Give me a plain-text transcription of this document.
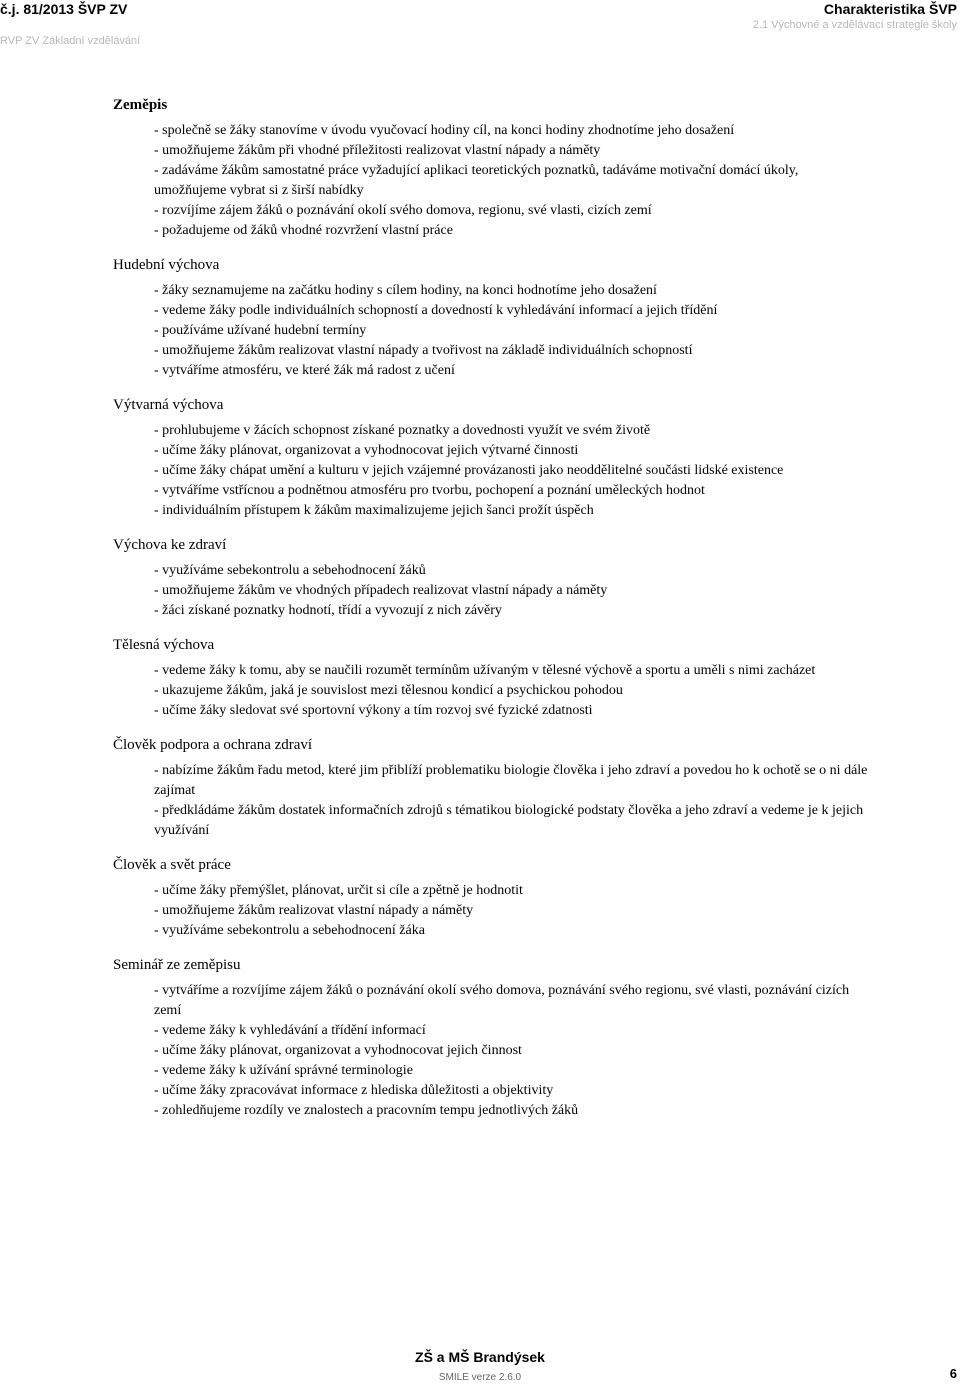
č.j. 81/2013 ŠVP ZV
RVP ZV Základní vzdělávání
Charakteristika ŠVP
2.1 Výchovné a vzdělávací strategie školy
Zeměpis
- společně se žáky stanovíme v úvodu vyučovací hodiny cíl, na konci hodiny zhodnotíme jeho dosažení
- umožňujeme žákům při vhodné příležitosti realizovat vlastní nápady a náměty
- zadáváme žákům samostatné práce vyžadující aplikaci teoretických poznatků, tadáváme motivační domácí úkoly, umožňujeme vybrat si z širší nabídky
- rozvíjíme zájem žáků o poznávání okolí svého domova, regionu, své vlasti, cizích zemí
- požadujeme od žáků vhodné rozvržení vlastní práce
Hudební výchova
- žáky seznamujeme na začátku hodiny s cílem hodiny, na konci hodnotíme jeho dosažení
- vedeme žáky podle individuálních schopností a dovedností k vyhledávání informací a jejich třídění
- používáme užívané hudební termíny
- umožňujeme žákům realizovat vlastní nápady a tvořivost na základě individuálních schopností
- vytváříme atmosféru, ve které žák má radost z učení
Výtvarná výchova
- prohlubujeme v žácích schopnost získané poznatky a dovednosti využít ve svém životě
- učíme žáky plánovat, organizovat a vyhodnocovat jejich výtvarné činnosti
- učíme žáky chápat umění a kulturu v jejich vzájemné provázanosti jako neoddělitelné součásti lidské existence
- vytváříme vstřícnou a podnětnou atmosféru pro tvorbu, pochopení a poznání uměleckých hodnot
- individuálním přístupem k žákům maximalizujeme jejich šanci prožít úspěch
Výchova ke zdraví
- využíváme sebekontrolu a sebehodnocení žáků
- umožňujeme žákům ve vhodných případech realizovat vlastní nápady a náměty
- žáci získané poznatky hodnotí, třídí a vyvozují z nich závěry
Tělesná výchova
- vedeme žáky k tomu, aby se naučili rozumět termínům užívaným v tělesné výchově a sportu a uměli s nimi zacházet
- ukazujeme žákům, jaká je souvislost mezi tělesnou kondicí a psychickou pohodou
- učíme žáky sledovat své sportovní výkony a tím rozvoj své fyzické zdatnosti
Člověk podpora a ochrana zdraví
- nabízíme žákům řadu metod, které jim přiblíží problematiku biologie člověka i jeho zdraví a povedou ho k ochotě se o ni dále zajímat
- předkládáme žákům dostatek informačních zdrojů s tématikou biologické podstaty člověka a jeho zdraví a vedeme je k jejich využívání
Člověk a svět práce
- učíme žáky přemýšlet, plánovat, určit si cíle a zpětně je hodnotit
- umožňujeme žákům realizovat vlastní nápady a náměty
- využíváme sebekontrolu a sebehodnocení žáka
Seminář ze zeměpisu
- vytváříme a rozvíjíme zájem žáků o poznávání okolí svého domova, poznávání svého regionu, své vlasti, poznávání cizích zemí
- vedeme žáky k vyhledávání a třídění informací
- učíme žáky plánovat, organizovat a vyhodnocovat jejich činnost
- vedeme žáky k užívání správné terminologie
- učíme žáky zpracovávat informace z hlediska důležitosti a objektivity
- zohledňujeme rozdíly ve znalostech a pracovním tempu jednotlivých žáků
ZŠ a MŠ Brandýsek
SMILE verze 2.6.0	6
